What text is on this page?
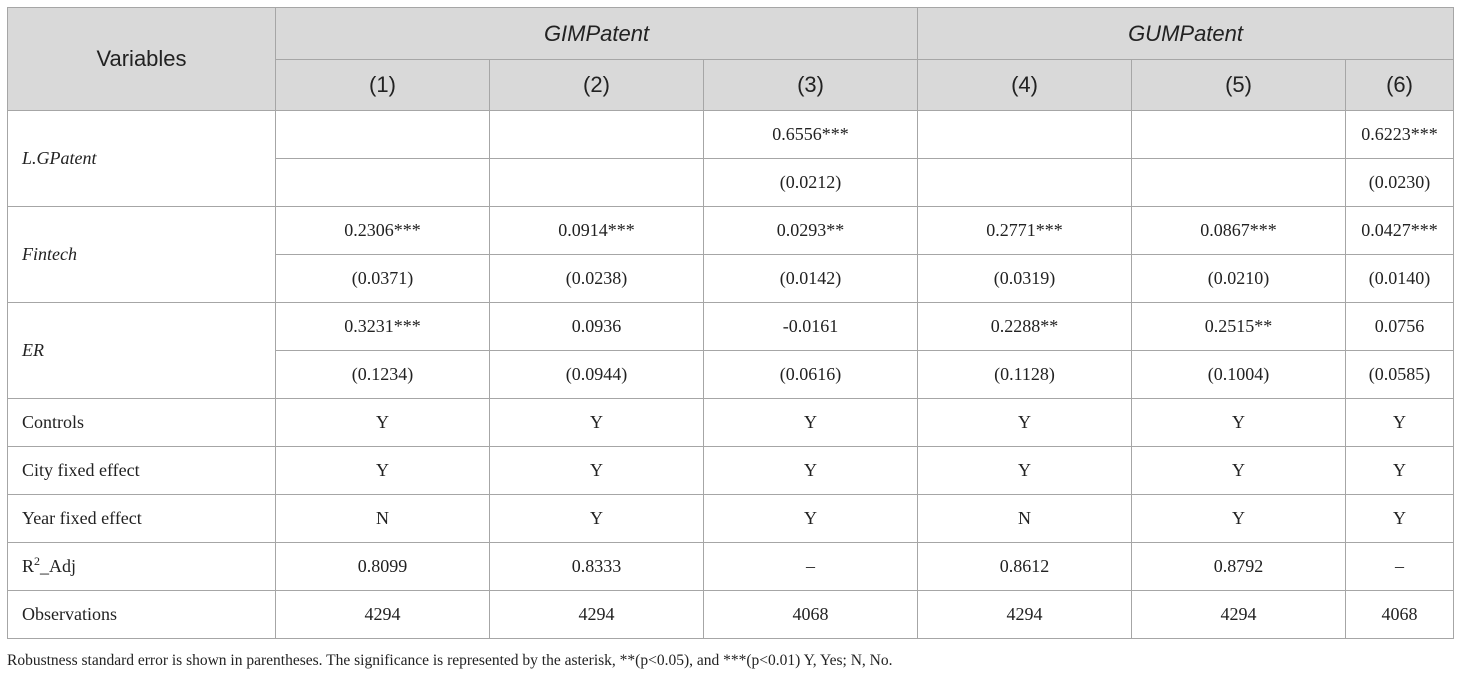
Variables	GIMPatent			GUMPatent		
	(1)	(2)	(3)	(4)	(5)	(6)
L.GPatent			0.6556***			0.6223***
			(0.0212)			(0.0230)
Fintech	0.2306***	0.0914***	0.0293**	0.2771***	0.0867***	0.0427***
	(0.0371)	(0.0238)	(0.0142)	(0.0319)	(0.0210)	(0.0140)
ER	0.3231***	0.0936	-0.0161	0.2288**	0.2515**	0.0756
	(0.1234)	(0.0944)	(0.0616)	(0.1128)	(0.1004)	(0.0585)
Controls	Y	Y	Y	Y	Y	Y
City fixed effect	Y	Y	Y	Y	Y	Y
Year fixed effect	N	Y	Y	N	Y	Y
$R^2\_Adj$	0.8099	0.8333	–	0.8612	0.8792	–
Observations	4294	4294	4068	4294	4294	4068
Robustness standard error is shown in parentheses. The significance is represented by the asterisk, **(p<0.05), and ***(p<0.01) Y, Yes; N, No.
